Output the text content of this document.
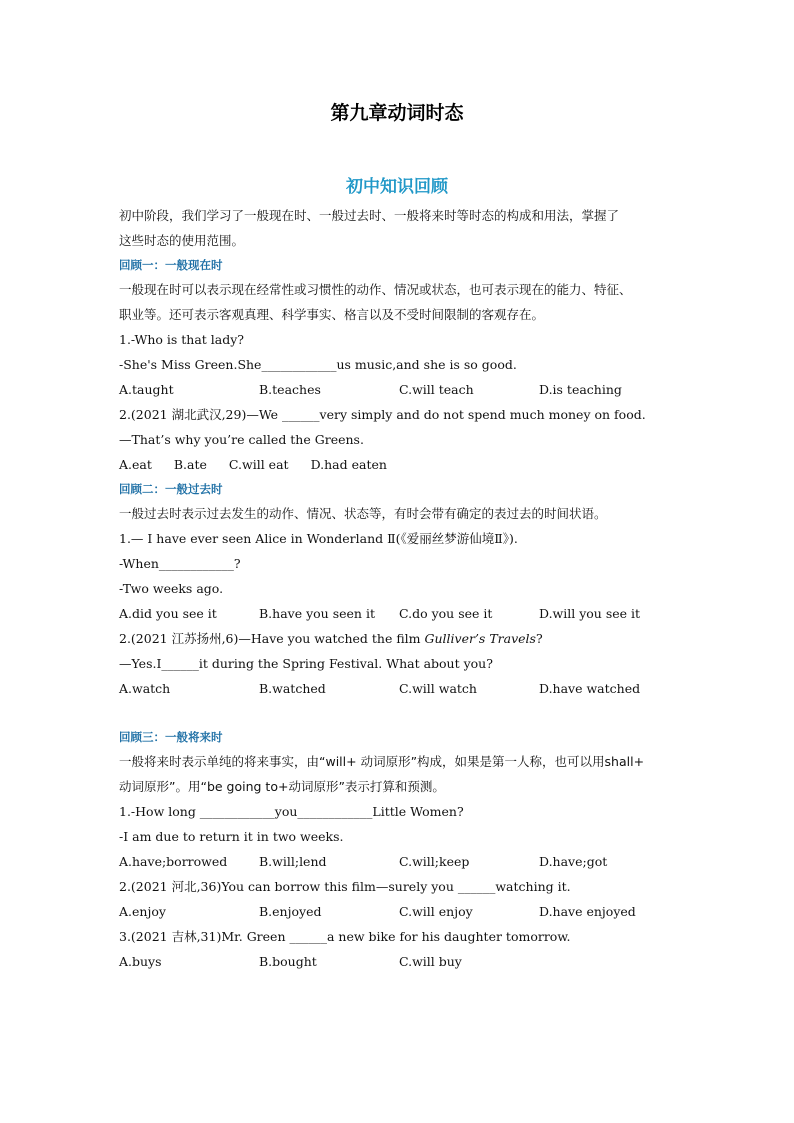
第九章动词时态
初中知识回顾
初中阶段，我们学习了一般现在时、一般过去时、一般将来时等时态的构成和用法，掌握了
这些时态的使用范围。
回顾一：一般现在时
一般现在时可以表示现在经常性或习惯性的动作、情况或状态，也可表示现在的能力、特征、
职业等。还可表示客观真理、科学事实、格言以及不受时间限制的客观存在。
1.-Who is that lady?
-She's Miss Green.She____________us music,and she is so good.
A.taught	B.teaches	C.will teach	D.is teaching
2.(2021 湖北武汉,29)—We ______very simply and do not spend much money on food.
—That’s why you’re called the Greens.
A.eat B.ate C.will eat D.had eaten
回顾二：一般过去时
一般过去时表示过去发生的动作、情况、状态等，有时会带有确定的表过去的时间状语。
1.— I have ever seen Alice in Wonderland Ⅱ(《爱丽丝梦游仙境Ⅱ》).
-When____________?
-Two weeks ago.
A.did you see it	B.have you seen it	C.do you see it	D.will you see it
2.(2021 江苏扬州,6)—Have you watched the film Gulliver’s Travels?
—Yes.I______it during the Spring Festival. What about you?
A.watch	B.watched	C.will watch	D.have watched
回顾三：一般将来时
一般将来时表示单纯的将来事实，由“will+ 动词原形”构成，如果是第一人称，也可以用shall+
动词原形”。用“be going to+动词原形”表示打算和预测。
1.-How long ____________you____________Little Women?
-I am due to return it in two weeks.
A.have;borrowed	B.will;lend	C.will;keep	D.have;got
2.(2021 河北,36)You can borrow this film—surely you ______watching it.
A.enjoy	B.enjoyed	C.will enjoy	D.have enjoyed
3.(2021 吉林,31)Mr. Green ______a new bike for his daughter tomorrow.
A.buys	B.bought	C.will buy
